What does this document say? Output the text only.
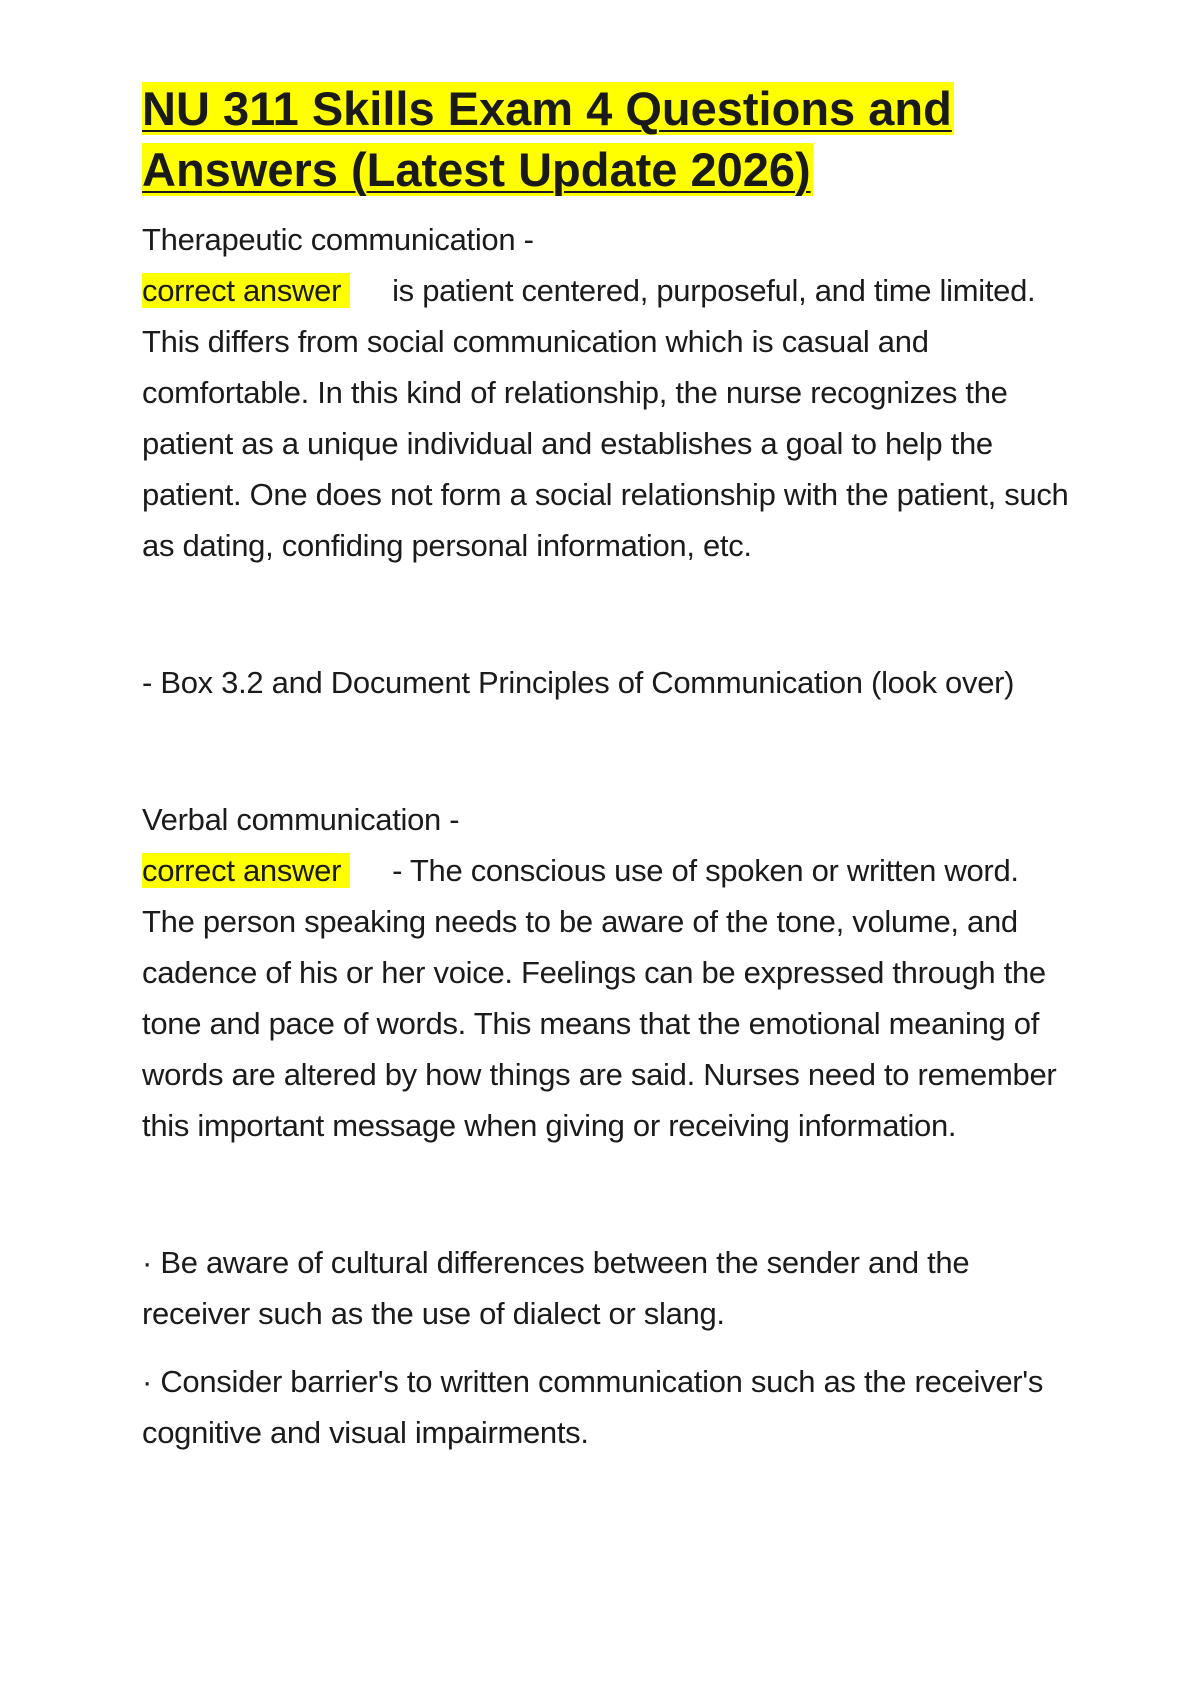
NU 311 Skills Exam 4 Questions and Answers (Latest Update 2026)
Therapeutic communication -
correct answer is patient centered, purposeful, and time limited. This differs from social communication which is casual and comfortable. In this kind of relationship, the nurse recognizes the patient as a unique individual and establishes a goal to help the patient. One does not form a social relationship with the patient, such as dating, confiding personal information, etc.
- Box 3.2 and Document Principles of Communication (look over)
Verbal communication -
correct answer - The conscious use of spoken or written word. The person speaking needs to be aware of the tone, volume, and cadence of his or her voice. Feelings can be expressed through the tone and pace of words. This means that the emotional meaning of words are altered by how things are said. Nurses need to remember this important message when giving or receiving information.
· Be aware of cultural differences between the sender and the receiver such as the use of dialect or slang.
· Consider barrier's to written communication such as the receiver's cognitive and visual impairments.
